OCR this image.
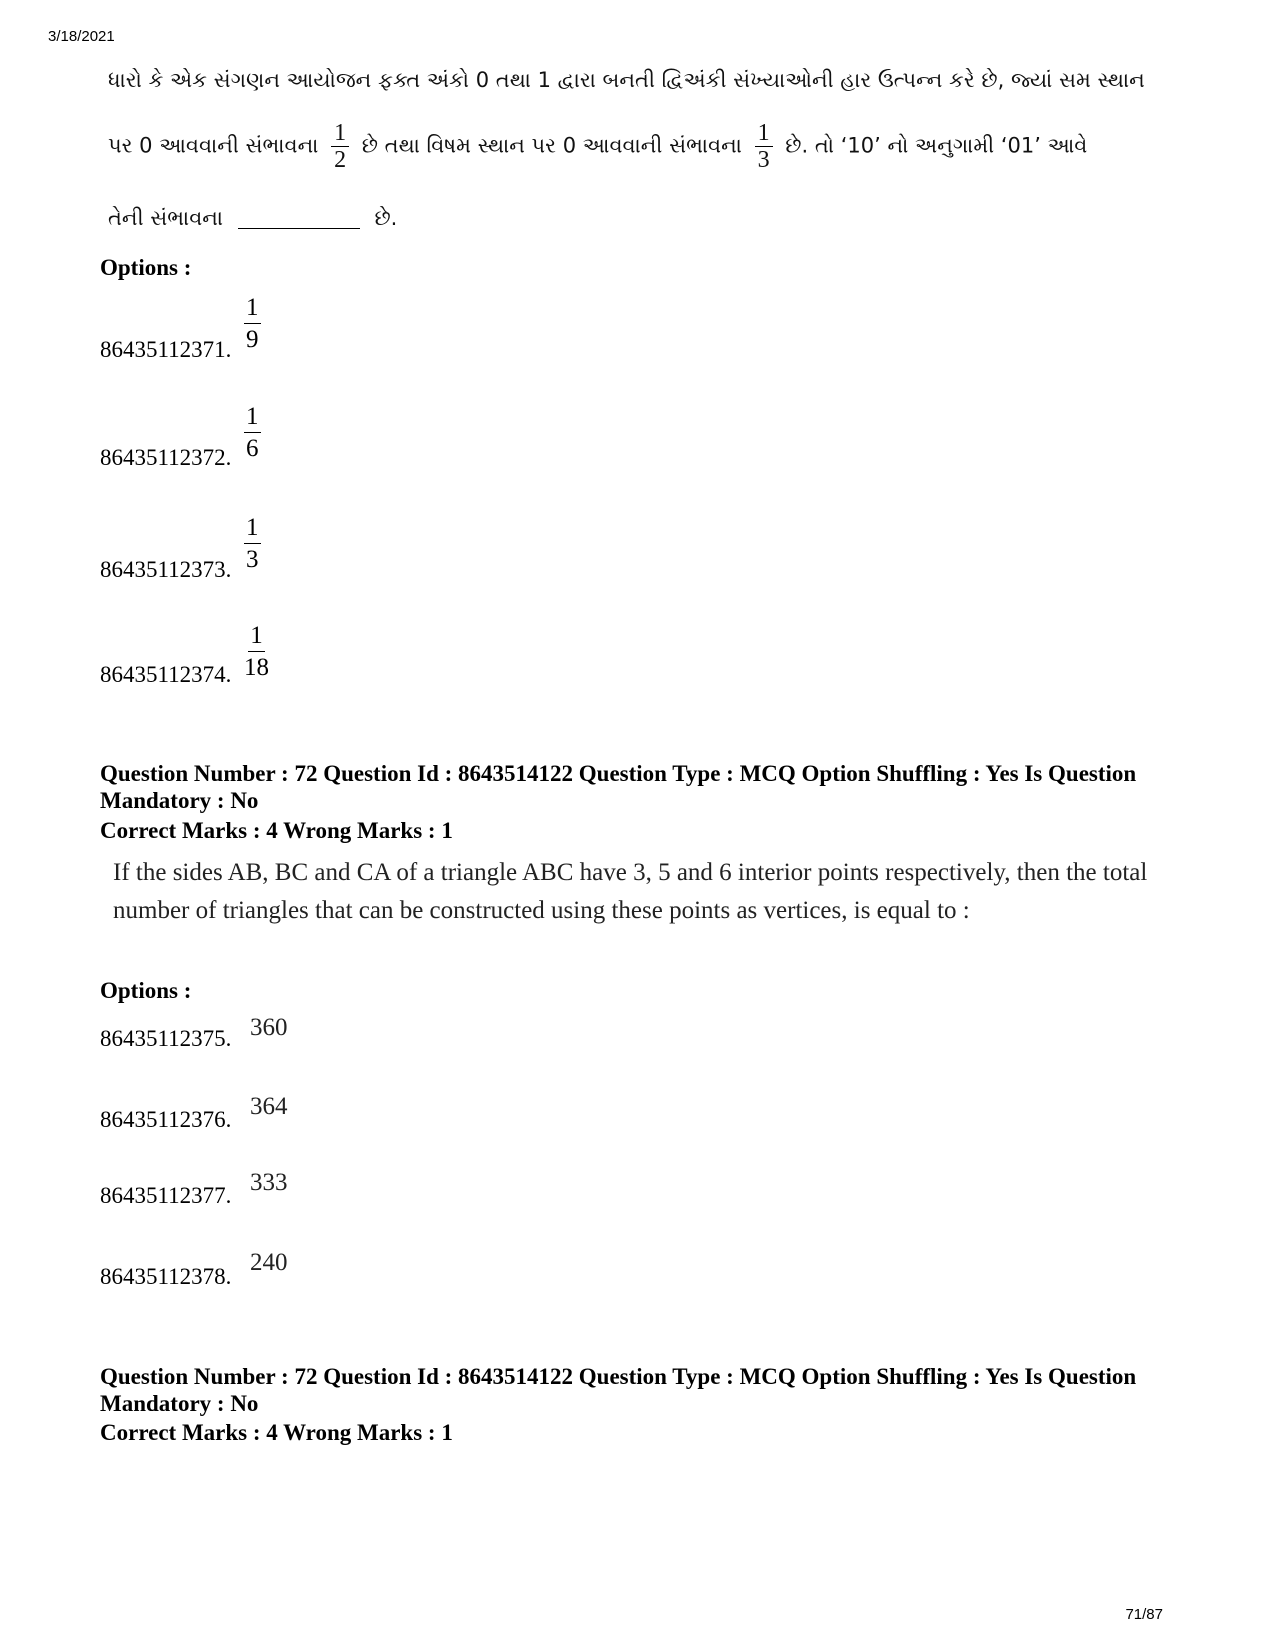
3/18/2021
ધારો કે એક સંગણન આયોજન ફક્ત અંકો 0 તથા 1 દ્વારા બનતી દ્વિઅંકી સંખ્યાઓની હાર ઉત્પન્ન કરે છે, જ્યાં સમ સ્થાન
પર 0 આવવાની સંભાવના $\frac{1}{2}$ છે તથા વિષમ સ્થાન પર 0 આવવાની સંભાવના $\frac{1}{3}$ છે. તો ‘10’ નો અનુગામી ‘01’ આવે
તેની સંભાવના	છે.
Options :
86435112371. $\frac{1}{9}$
86435112372. $\frac{1}{6}$
86435112373. $\frac{1}{3}$
86435112374. $\frac{1}{18}$
Question Number : 72 Question Id : 8643514122 Question Type : MCQ Option Shuffling : Yes Is Question Mandatory : No
Correct Marks : 4 Wrong Marks : 1
If the sides AB, BC and CA of a triangle ABC have 3, 5 and 6 interior points respectively, then the total number of triangles that can be constructed using these points as vertices, is equal to :
Options :
86435112375. 360
86435112376. 364
86435112377. 333
86435112378.
240
Question Number : 72 Question Id : 8643514122 Question Type : MCQ Option Shuffling : Yes Is Question Mandatory : No
Correct Marks : 4 Wrong Marks : 1
71/87
